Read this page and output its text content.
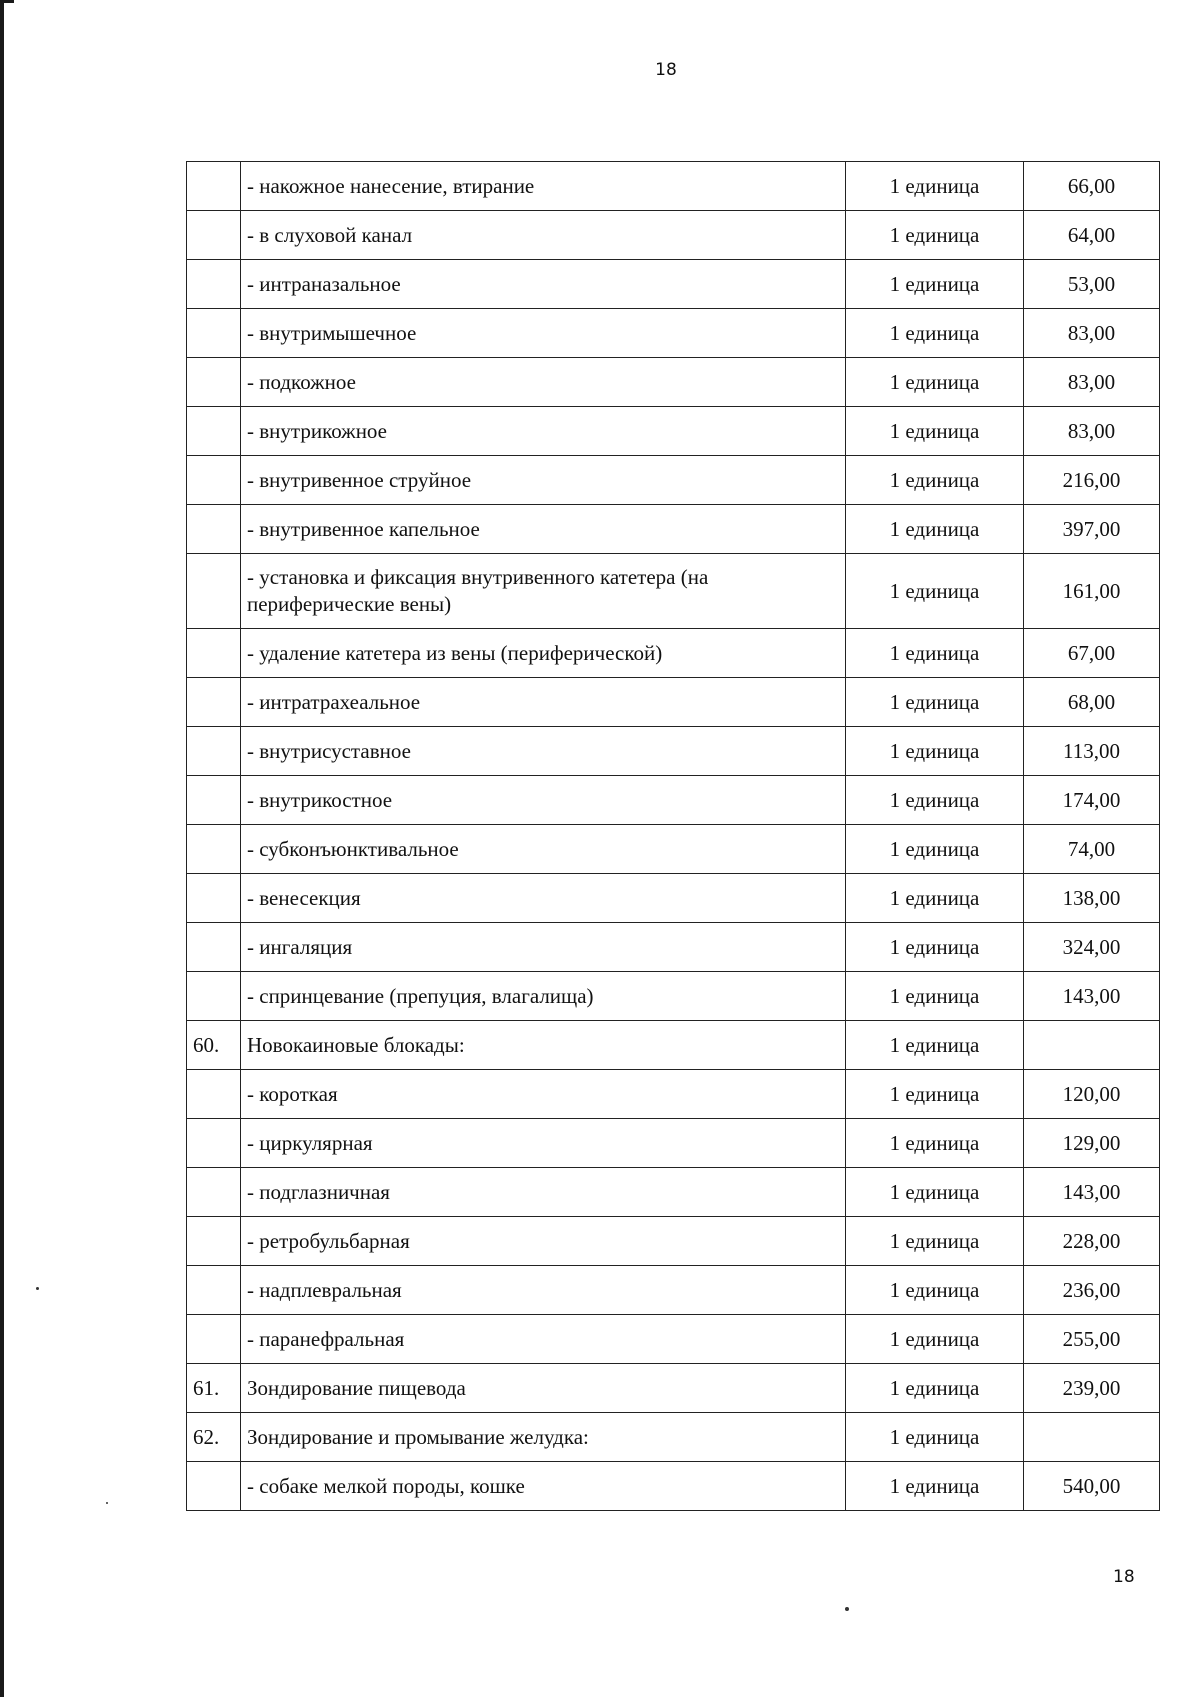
18
	- накожное нанесение, втирание	1 единица	66,00
	- в слуховой канал	1 единица	64,00
	- интраназальное	1 единица	53,00
	- внутримышечное	1 единица	83,00
	- подкожное	1 единица	83,00
	- внутрикожное	1 единица	83,00
	- внутривенное струйное	1 единица	216,00
	- внутривенное капельное	1 единица	397,00
	- установка и фиксация внутривенного катетера (на периферические вены)	1 единица	161,00
	- удаление катетера из вены (периферической)	1 единица	67,00
	- интратрахеальное	1 единица	68,00
	- внутрисуставное	1 единица	113,00
	- внутрикостное	1 единица	174,00
	- субконъюнктивальное	1 единица	74,00
	- венесекция	1 единица	138,00
	- ингаляция	1 единица	324,00
	- спринцевание (препуция, влагалища)	1 единица	143,00
60.	Новокаиновые блокады:	1 единица	
	- короткая	1 единица	120,00
	- циркулярная	1 единица	129,00
	- подглазничная	1 единица	143,00
	- ретробульбарная	1 единица	228,00
	- надплевральная	1 единица	236,00
	- паранефральная	1 единица	255,00
61.	Зондирование пищевода	1 единица	239,00
62.	Зондирование и промывание желудка:	1 единица	
	- собаке мелкой породы, кошке	1 единица	540,00
18
